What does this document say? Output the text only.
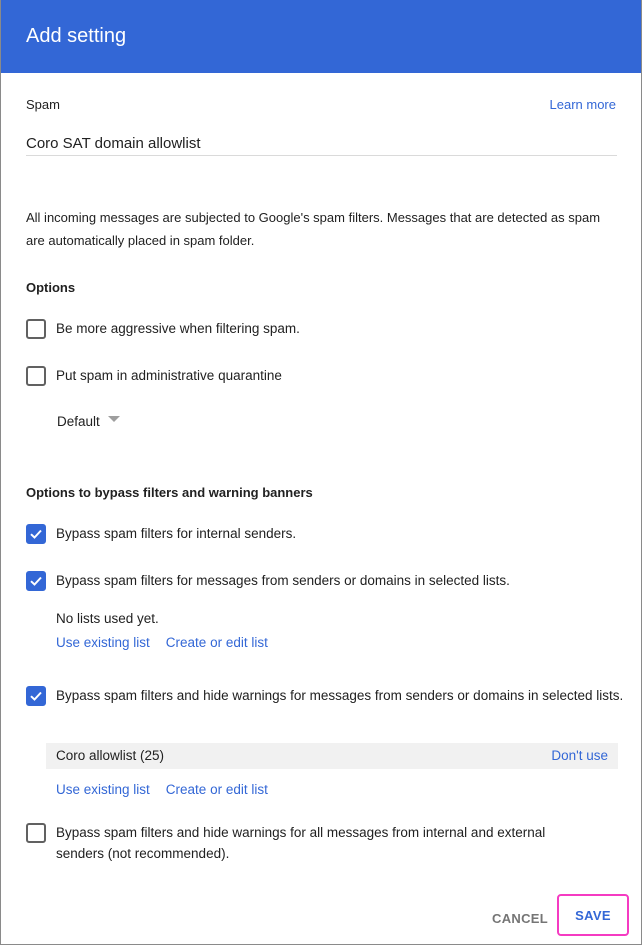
Add setting
Spam	Learn more
Coro SAT domain allowlist
All incoming messages are subjected to Google's spam filters. Messages that are detected as spam are automatically placed in spam folder.
Options
Be more aggressive when filtering spam.
Put spam in administrative quarantine
Default
Options to bypass filters and warning banners
Bypass spam filters for internal senders.
Bypass spam filters for messages from senders or domains in selected lists.
No lists used yet.
Use existing list Create or edit list
Bypass spam filters and hide warnings for messages from senders or domains in selected lists.
Coro allowlist (25)	Don't use
Use existing list Create or edit list
Bypass spam filters and hide warnings for all messages from internal and external senders (not recommended).
CANCEL SAVE
